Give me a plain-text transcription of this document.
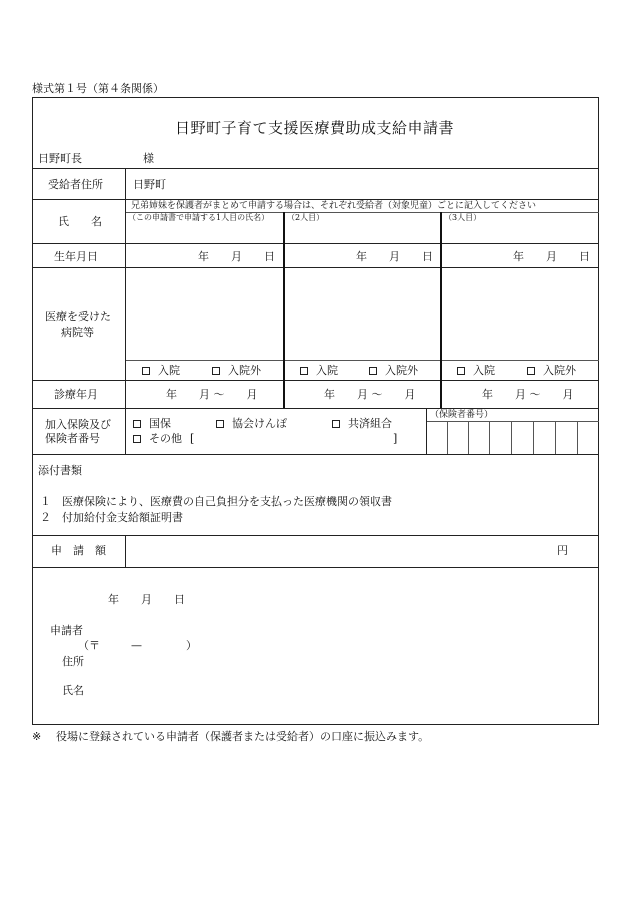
様式第１号（第４条関係）
日野町子育て支援医療費助成支給申請書
日野町長	様
受給者住所	日野町
兄弟姉妹を保護者がまとめて申請する場合は、それぞれ受給者（対象児童）ごとに記入してください
氏　　名	（この申請書で申請する1人目の氏名） （2人目）	（3人目）
生年月日	年　　月　　日	年　　月　　日	年　　月　　日
医療を受けた
病院等
入院	入院外	入院	入院外	入院	入院外
診療年月	年　　月 〜　　月	年　　月 〜　　月	年　　月 〜　　月
加入保険及び
保険者番号
国保	協会けんぽ	共済組合
その他 [	]
（保険者番号）
添付書類
１ 医療保険により、医療費の自己負担分を支払った医療機関の領収書
２ 付加給付金支給額証明書
申　請　額	円
年　　月　　日
申請者
（〒	—	）
住所
氏名
※ 役場に登録されている申請者（保護者または受給者）の口座に振込みます。
